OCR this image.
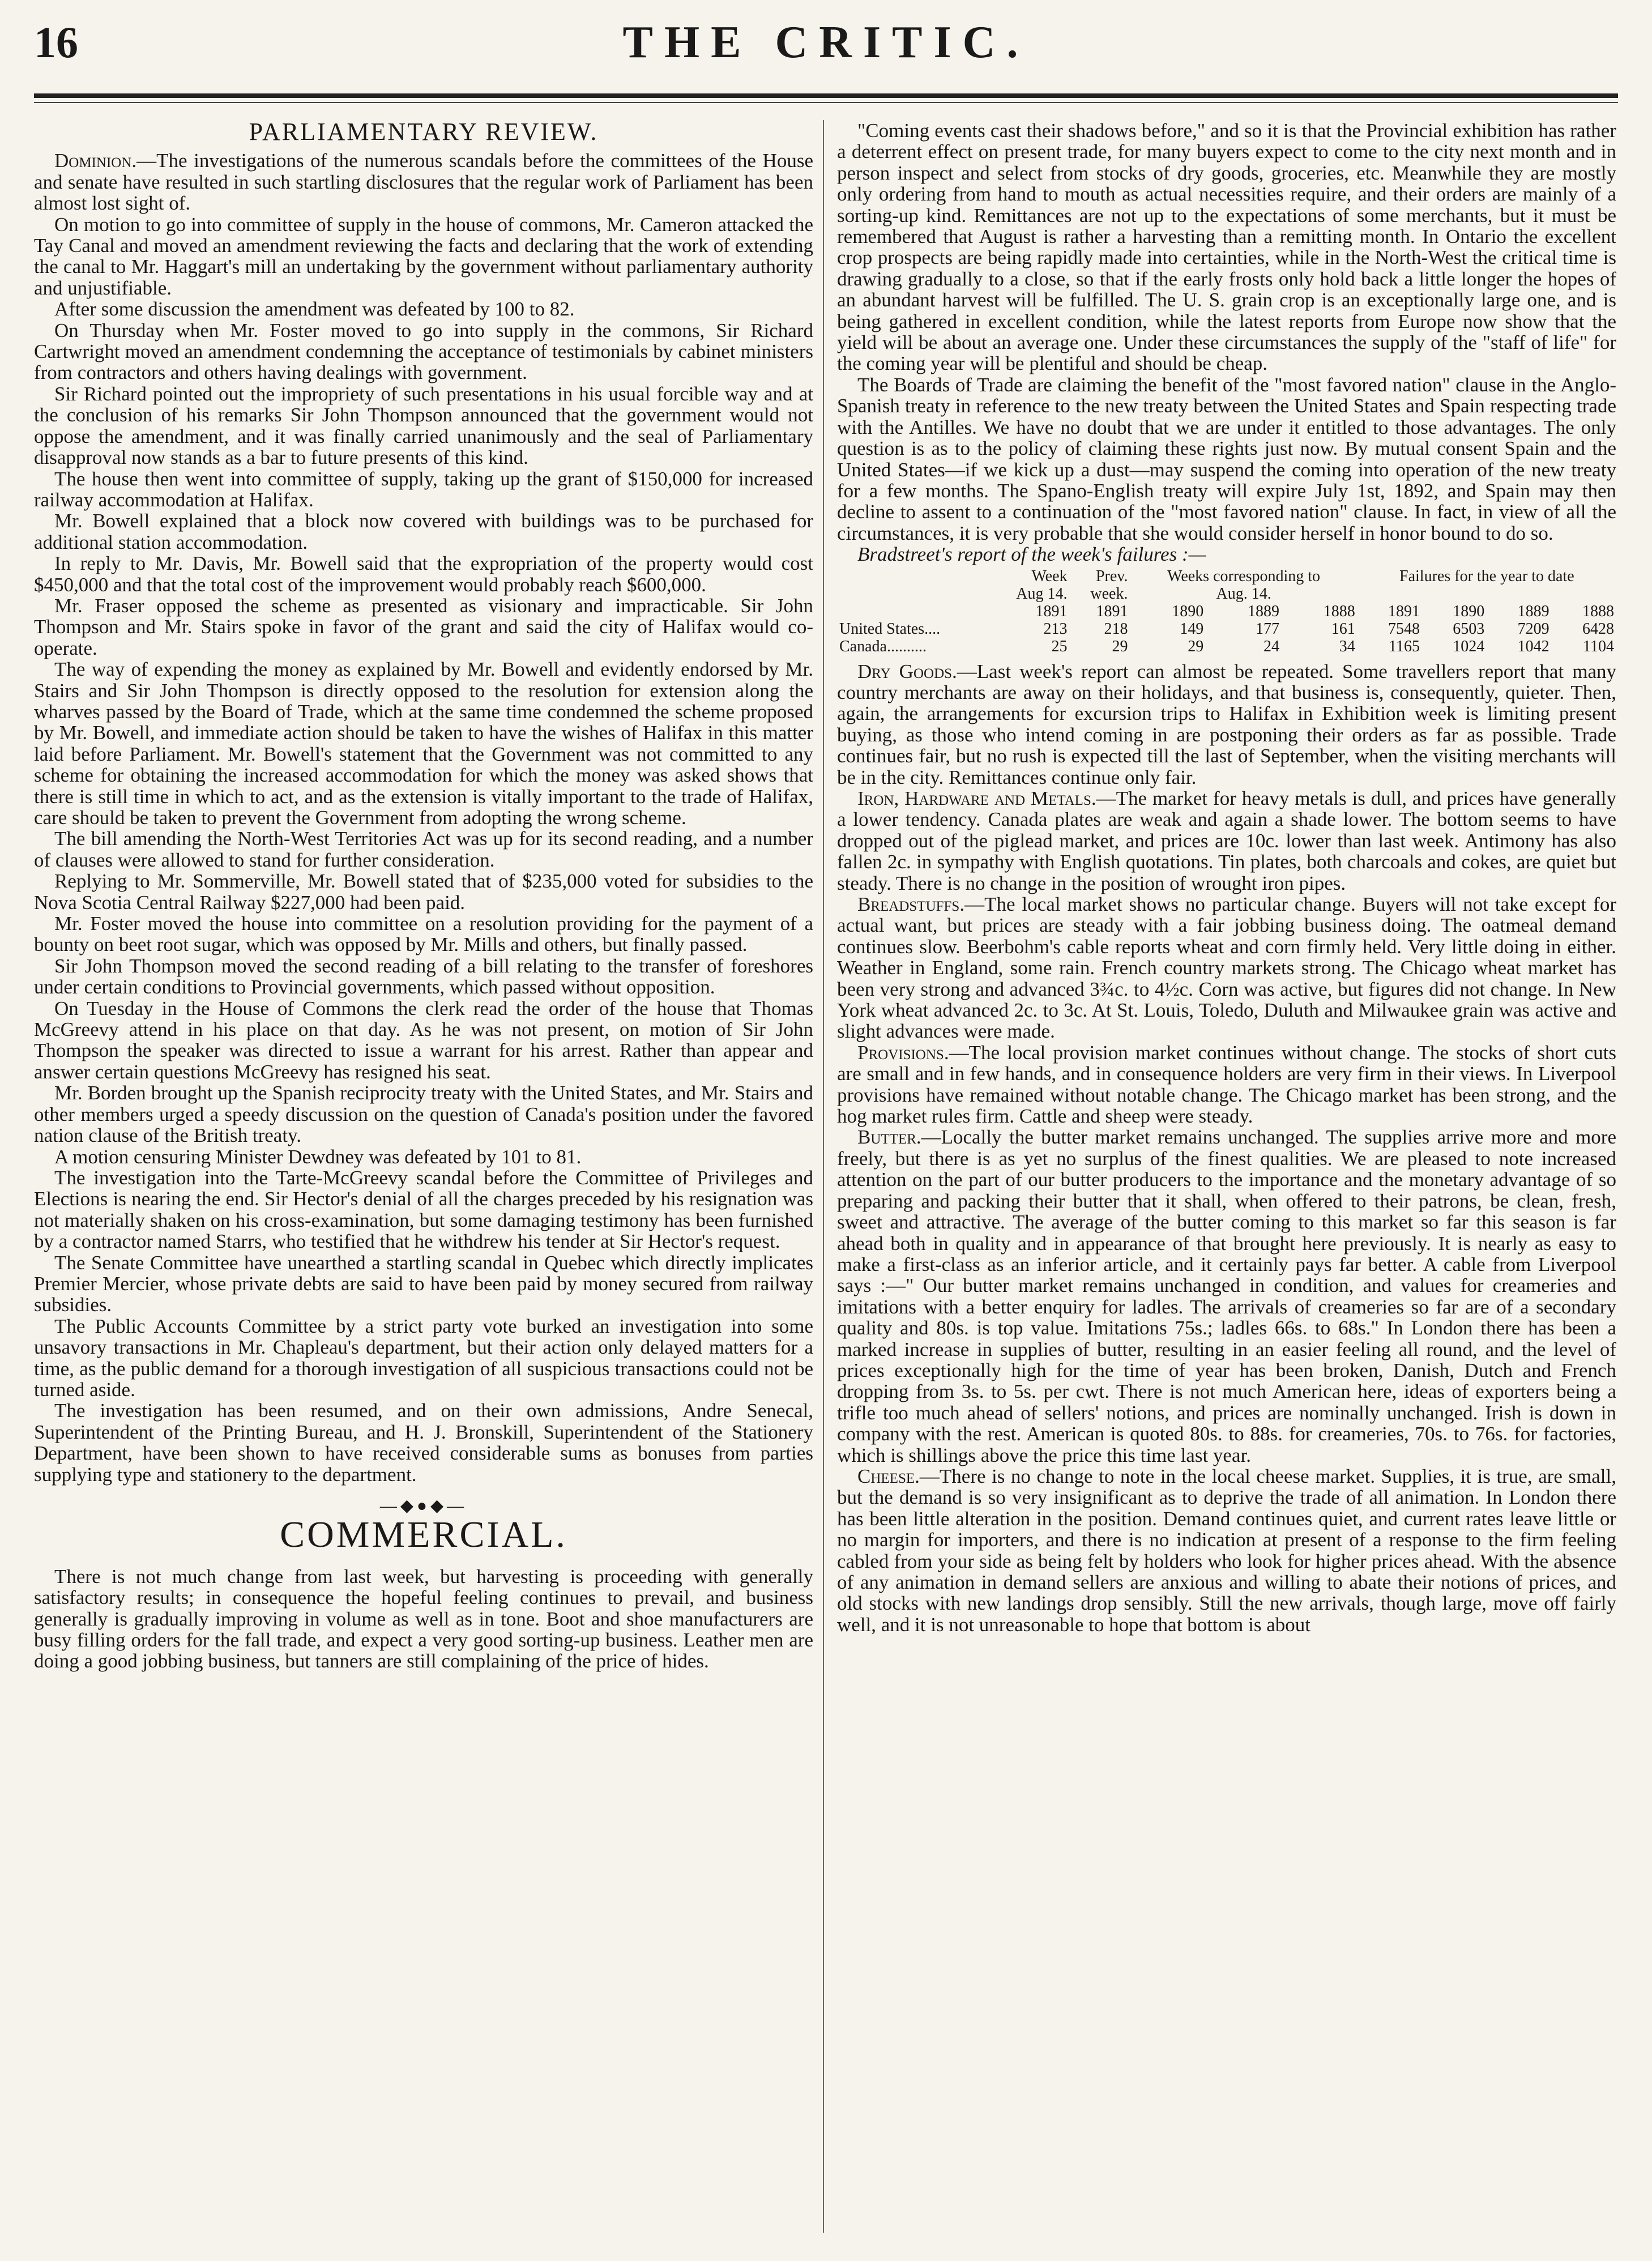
16	THE CRITIC.
PARLIAMENTARY REVIEW.

Dominion.—The investigations of the numerous scandals before the committees of the House and senate have resulted in such startling disclosures that the regular work of Parliament has been almost lost sight of.

On motion to go into committee of supply in the house of commons, Mr. Cameron attacked the Tay Canal and moved an amendment reviewing the facts and declaring that the work of extending the canal to Mr. Haggart's mill an undertaking by the government without parliamentary authority and unjustifiable.

After some discussion the amendment was defeated by 100 to 82.

On Thursday when Mr. Foster moved to go into supply in the commons, Sir Richard Cartwright moved an amendment condemning the acceptance of testimonials by cabinet ministers from contractors and others having dealings with government.

Sir Richard pointed out the impropriety of such presentations in his usual forcible way and at the conclusion of his remarks Sir John Thompson announced that the government would not oppose the amendment, and it was finally carried unanimously and the seal of Parliamentary disapproval now stands as a bar to future presents of this kind.

The house then went into committee of supply, taking up the grant of $150,000 for increased railway accommodation at Halifax.

Mr. Bowell explained that a block now covered with buildings was to be purchased for additional station accommodation.

In reply to Mr. Davis, Mr. Bowell said that the expropriation of the property would cost $450,000 and that the total cost of the improvement would probably reach $600,000.

Mr. Fraser opposed the scheme as presented as visionary and impracticable. Sir John Thompson and Mr. Stairs spoke in favor of the grant and said the city of Halifax would co-operate.

The way of expending the money as explained by Mr. Bowell and evidently endorsed by Mr. Stairs and Sir John Thompson is directly opposed to the resolution for extension along the wharves passed by the Board of Trade, which at the same time condemned the scheme proposed by Mr. Bowell, and immediate action should be taken to have the wishes of Halifax in this matter laid before Parliament. Mr. Bowell's statement that the Government was not committed to any scheme for obtaining the increased accommodation for which the money was asked shows that there is still time in which to act, and as the extension is vitally important to the trade of Halifax, care should be taken to prevent the Government from adopting the wrong scheme.

The bill amending the North-West Territories Act was up for its second reading, and a number of clauses were allowed to stand for further consideration.

Replying to Mr. Sommerville, Mr. Bowell stated that of $235,000 voted for subsidies to the Nova Scotia Central Railway $227,000 had been paid.

Mr. Foster moved the house into committee on a resolution providing for the payment of a bounty on beet root sugar, which was opposed by Mr. Mills and others, but finally passed.

Sir John Thompson moved the second reading of a bill relating to the transfer of foreshores under certain conditions to Provincial governments, which passed without opposition.

On Tuesday in the House of Commons the clerk read the order of the house that Thomas McGreevy attend in his place on that day. As he was not present, on motion of Sir John Thompson the speaker was directed to issue a warrant for his arrest. Rather than appear and answer certain questions McGreevy has resigned his seat.

Mr. Borden brought up the Spanish reciprocity treaty with the United States, and Mr. Stairs and other members urged a speedy discussion on the question of Canada's position under the favored nation clause of the British treaty.

A motion censuring Minister Dewdney was defeated by 101 to 81.

The investigation into the Tarte-McGreevy scandal before the Committee of Privileges and Elections is nearing the end. Sir Hector's denial of all the charges preceded by his resignation was not materially shaken on his cross-examination, but some damaging testimony has been furnished by a contractor named Starrs, who testified that he withdrew his tender at Sir Hector's request.

The Senate Committee have unearthed a startling scandal in Quebec which directly implicates Premier Mercier, whose private debts are said to have been paid by money secured from railway subsidies.

The Public Accounts Committee by a strict party vote burked an investigation into some unsavory transactions in Mr. Chapleau's department, but their action only delayed matters for a time, as the public demand for a thorough investigation of all suspicious transactions could not be turned aside.

The investigation has been resumed, and on their own admissions, Andre Senecal, Superintendent of the Printing Bureau, and H. J. Bronskill, Superintendent of the Stationery Department, have been shown to have received considerable sums as bonuses from parties supplying type and stationery to the department.

—◆●◆—
COMMERCIAL.

There is not much change from last week, but harvesting is proceeding with generally satisfactory results; in consequence the hopeful feeling continues to prevail, and business generally is gradually improving in volume as well as in tone. Boot and shoe manufacturers are busy filling orders for the fall trade, and expect a very good sorting-up business. Leather men are doing a good jobbing business, but tanners are still complaining of the price of hides.

"Coming events cast their shadows before," and so it is that the Provincial exhibition has rather a deterrent effect on present trade, for many buyers expect to come to the city next month and in person inspect and select from stocks of dry goods, groceries, etc. Meanwhile they are mostly only ordering from hand to mouth as actual necessities require, and their orders are mainly of a sorting-up kind. Remittances are not up to the expectations of some merchants, but it must be remembered that August is rather a harvesting than a remitting month. In Ontario the excellent crop prospects are being rapidly made into certainties, while in the North-West the critical time is drawing gradually to a close, so that if the early frosts only hold back a little longer the hopes of an abundant harvest will be fulfilled. The U. S. grain crop is an exceptionally large one, and is being gathered in excellent condition, while the latest reports from Europe now show that the yield will be about an average one. Under these circumstances the supply of the "staff of life" for the coming year will be plentiful and should be cheap.

The Boards of Trade are claiming the benefit of the "most favored nation" clause in the Anglo-Spanish treaty in reference to the new treaty between the United States and Spain respecting trade with the Antilles. We have no doubt that we are under it entitled to those advantages. The only question is as to the policy of claiming these rights just now. By mutual consent Spain and the United States—if we kick up a dust—may suspend the coming into operation of the new treaty for a few months. The Spano-English treaty will expire July 1st, 1892, and Spain may then decline to assent to a continuation of the "most favored nation" clause. In fact, in view of all the circumstances, it is very probable that she would consider herself in honor bound to do so.

Bradstreet's report of the week's failures :—

	Week	Prev.	Weeks corresponding to			Failures for the year to date			
	Aug 14.	week.	Aug. 14.						
	1891	1891	1890	1889	1888	1891	1890	1889	1888
United States....	213	218	149	177	161	7548	6503	7209	6428
Canada..........	25	29	29	24	34	1165	1024	1042	1104

Dry Goods.—Last week's report can almost be repeated. Some travellers report that many country merchants are away on their holidays, and that business is, consequently, quieter. Then, again, the arrangements for excursion trips to Halifax in Exhibition week is limiting present buying, as those who intend coming in are postponing their orders as far as possible. Trade continues fair, but no rush is expected till the last of September, when the visiting merchants will be in the city. Remittances continue only fair.

Iron, Hardware and Metals.—The market for heavy metals is dull, and prices have generally a lower tendency. Canada plates are weak and again a shade lower. The bottom seems to have dropped out of the piglead market, and prices are 10c. lower than last week. Antimony has also fallen 2c. in sympathy with English quotations. Tin plates, both charcoals and cokes, are quiet but steady. There is no change in the position of wrought iron pipes.

Breadstuffs.—The local market shows no particular change. Buyers will not take except for actual want, but prices are steady with a fair jobbing business doing. The oatmeal demand continues slow. Beerbohm's cable reports wheat and corn firmly held. Very little doing in either. Weather in England, some rain. French country markets strong. The Chicago wheat market has been very strong and advanced 3¾c. to 4½c. Corn was active, but figures did not change. In New York wheat advanced 2c. to 3c. At St. Louis, Toledo, Duluth and Milwaukee grain was active and slight advances were made.

Provisions.—The local provision market continues without change. The stocks of short cuts are small and in few hands, and in consequence holders are very firm in their views. In Liverpool provisions have remained without notable change. The Chicago market has been strong, and the hog market rules firm. Cattle and sheep were steady.

Butter.—Locally the butter market remains unchanged. The supplies arrive more and more freely, but there is as yet no surplus of the finest qualities. We are pleased to note increased attention on the part of our butter producers to the importance and the monetary advantage of so preparing and packing their butter that it shall, when offered to their patrons, be clean, fresh, sweet and attractive. The average of the butter coming to this market so far this season is far ahead both in quality and in appearance of that brought here previously. It is nearly as easy to make a first-class as an inferior article, and it certainly pays far better. A cable from Liverpool says :—" Our butter market remains unchanged in condition, and values for creameries and imitations with a better enquiry for ladles. The arrivals of creameries so far are of a secondary quality and 80s. is top value. Imitations 75s.; ladles 66s. to 68s." In London there has been a marked increase in supplies of butter, resulting in an easier feeling all round, and the level of prices exceptionally high for the time of year has been broken, Danish, Dutch and French dropping from 3s. to 5s. per cwt. There is not much American here, ideas of exporters being a trifle too much ahead of sellers' notions, and prices are nominally unchanged. Irish is down in company with the rest. American is quoted 80s. to 88s. for creameries, 70s. to 76s. for factories, which is shillings above the price this time last year.

Cheese.—There is no change to note in the local cheese market. Supplies, it is true, are small, but the demand is so very insignificant as to deprive the trade of all animation. In London there has been little alteration in the position. Demand continues quiet, and current rates leave little or no margin for importers, and there is no indication at present of a response to the firm feeling cabled from your side as being felt by holders who look for higher prices ahead. With the absence of any animation in demand sellers are anxious and willing to abate their notions of prices, and old stocks with new landings drop sensibly. Still the new arrivals, though large, move off fairly well, and it is not unreasonable to hope that bottom is about
